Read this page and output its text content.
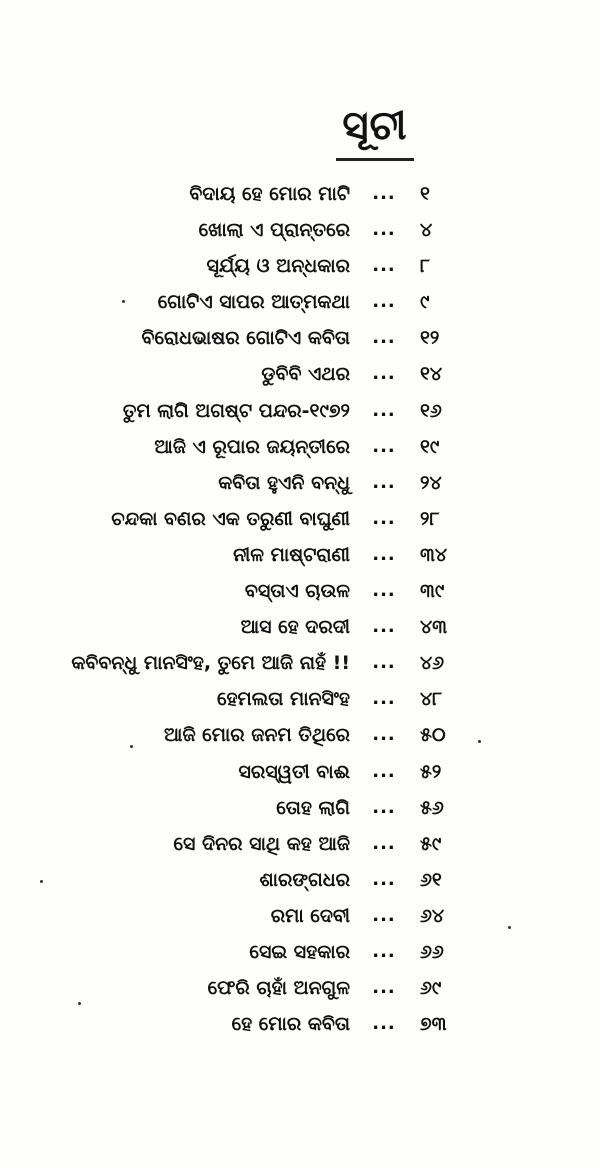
ସୂଚୀ
ବିଦାୟ ହେ ମୋର ମାଟି	...	୧
ଖୋଲା ଏ ପ୍ରାନ୍ତରେ	...	୪
ସୂର୍ଯ୍ୟ ଓ ଅନ୍ଧକାର	...	୮
ଗୋଟିଏ ସାପର ଆତ୍ମକଥା	...	୯
ବିରୋଧଭାଷର ଗୋଟିଏ କବିତା	...	୧୨
ଡୁବିବି ଏଥର	...	୧୪
ତୁମ ଲାଗି ଅଗଷ୍ଟ ପନ୍ଦର-୧୯୭୨	...	୧୬
ଆଜି ଏ ରୂପାର ଜୟନ୍ତୀରେ	...	୧୯
କବିତା ହୁଏନି ବନ୍ଧୁ	...	୨୪
ଚନ୍ଦକା ବଣର ଏକ ତରୁଣୀ ବାଘୁଣୀ	...	୨୮
ନୀଳ ମାଷ୍ଟରାଣୀ	...	୩୪
ବସ୍ତାଏ ଚାଉଳ	...	୩୯
ଆସ ହେ ଦରଦୀ	...	୪୩
କବିବନ୍ଧୁ ମାନସିଂହ, ତୁମେ ଆଜି ନାହଁ !!	...	୪୬
ହେମଲତା ମାନସିଂହ	...	୪୮
ଆଜି ମୋର ଜନମ ତିଥିରେ	...	୫୦
ସରସ୍ୱତୀ ବାଈ	...	୫୨
ତୋହ ଲାଗି	...	୫୬
ସେ ଦିନର ସାଥି କହ ଆଜି	...	୫୯
ଶାରଙ୍ଗଧର	...	୬୧
ରମା ଦେବୀ	...	୬୪
ସେଇ ସହକାର	...	୬୬
ଫେରି ଚାହାଁ ଅନଗୁଳ	...	୬୯
ହେ ମୋର କବିତା	...	୭୩
